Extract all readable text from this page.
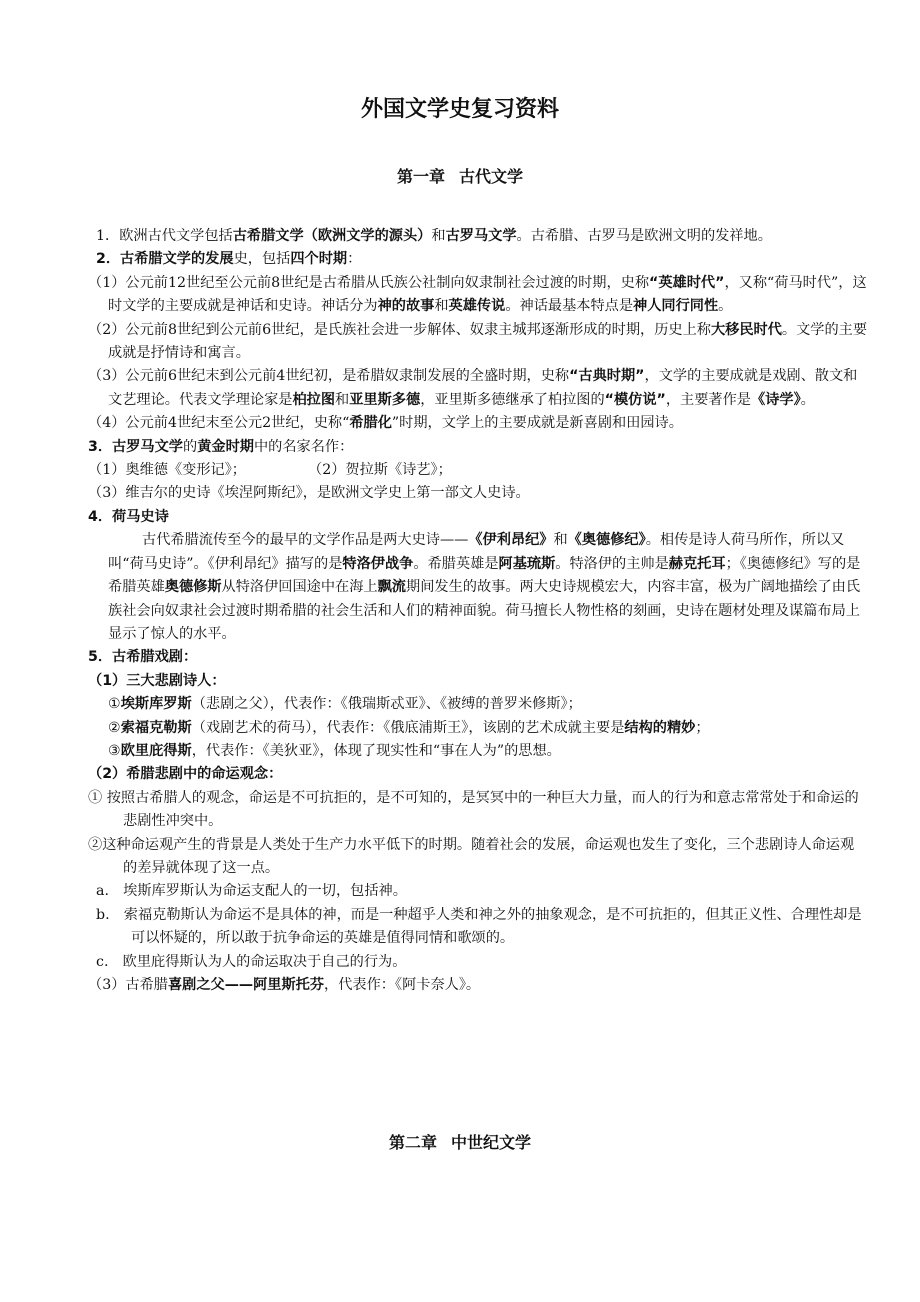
外国文学史复习资料
第一章 古代文学
1．欧洲古代文学包括古希腊文学（欧洲文学的源头）和古罗马文学。古希腊、古罗马是欧洲文明的发祥地。
2．古希腊文学的发展史，包括四个时期：
（1）公元前12世纪至公元前8世纪是古希腊从氏族公社制向奴隶制社会过渡的时期，史称“英雄时代”，又称“荷马时代”，这时文学的主要成就是神话和史诗。神话分为神的故事和英雄传说。神话最基本特点是神人同行同性。
（2）公元前8世纪到公元前6世纪，是氏族社会进一步解体、奴隶主城邦逐渐形成的时期，历史上称大移民时代。文学的主要成就是抒情诗和寓言。
（3）公元前6世纪末到公元前4世纪初，是希腊奴隶制发展的全盛时期，史称“古典时期”，文学的主要成就是戏剧、散文和文艺理论。代表文学理论家是柏拉图和亚里斯多德，亚里斯多德继承了柏拉图的“模仿说”，主要著作是《诗学》。
（4）公元前4世纪末至公元2世纪，史称“希腊化”时期，文学上的主要成就是新喜剧和田园诗。
3．古罗马文学的黄金时期中的名家名作：
（1）奥维德《变形记》；	（2）贺拉斯《诗艺》；
（3）维吉尔的史诗《埃涅阿斯纪》，是欧洲文学史上第一部文人史诗。
4．荷马史诗
古代希腊流传至今的最早的文学作品是两大史诗——《伊利昂纪》和《奥德修纪》。相传是诗人荷马所作，所以又叫“荷马史诗”。《伊利昂纪》描写的是特洛伊战争。希腊英雄是阿基琉斯。特洛伊的主帅是赫克托耳；《奥德修纪》写的是希腊英雄奥德修斯从特洛伊回国途中在海上飘流期间发生的故事。两大史诗规模宏大，内容丰富，极为广阔地描绘了由氏族社会向奴隶社会过渡时期希腊的社会生活和人们的精神面貌。荷马擅长人物性格的刻画，史诗在题材处理及谋篇布局上显示了惊人的水平。
5．古希腊戏剧：
（1）三大悲剧诗人：
①埃斯库罗斯（悲剧之父），代表作：《俄瑞斯忒亚》、《被缚的普罗米修斯》；
②索福克勒斯（戏剧艺术的荷马），代表作：《俄底浦斯王》，该剧的艺术成就主要是结构的精妙；
③欧里庇得斯，代表作：《美狄亚》，体现了现实性和“事在人为”的思想。
（2）希腊悲剧中的命运观念：
① 按照古希腊人的观念，命运是不可抗拒的，是不可知的，是冥冥中的一种巨大力量，而人的行为和意志常常处于和命运的悲剧性冲突中。
②这种命运观产生的背景是人类处于生产力水平低下的时期。随着社会的发展，命运观也发生了变化，三个悲剧诗人命运观的差异就体现了这一点。
a.　埃斯库罗斯认为命运支配人的一切，包括神。
b.　索福克勒斯认为命运不是具体的神，而是一种超乎人类和神之外的抽象观念，是不可抗拒的，但其正义性、合理性却是可以怀疑的，所以敢于抗争命运的英雄是值得同情和歌颂的。
c.　欧里庇得斯认为人的命运取决于自己的行为。
（3）古希腊喜剧之父——阿里斯托芬，代表作：《阿卡奈人》。
第二章 中世纪文学
